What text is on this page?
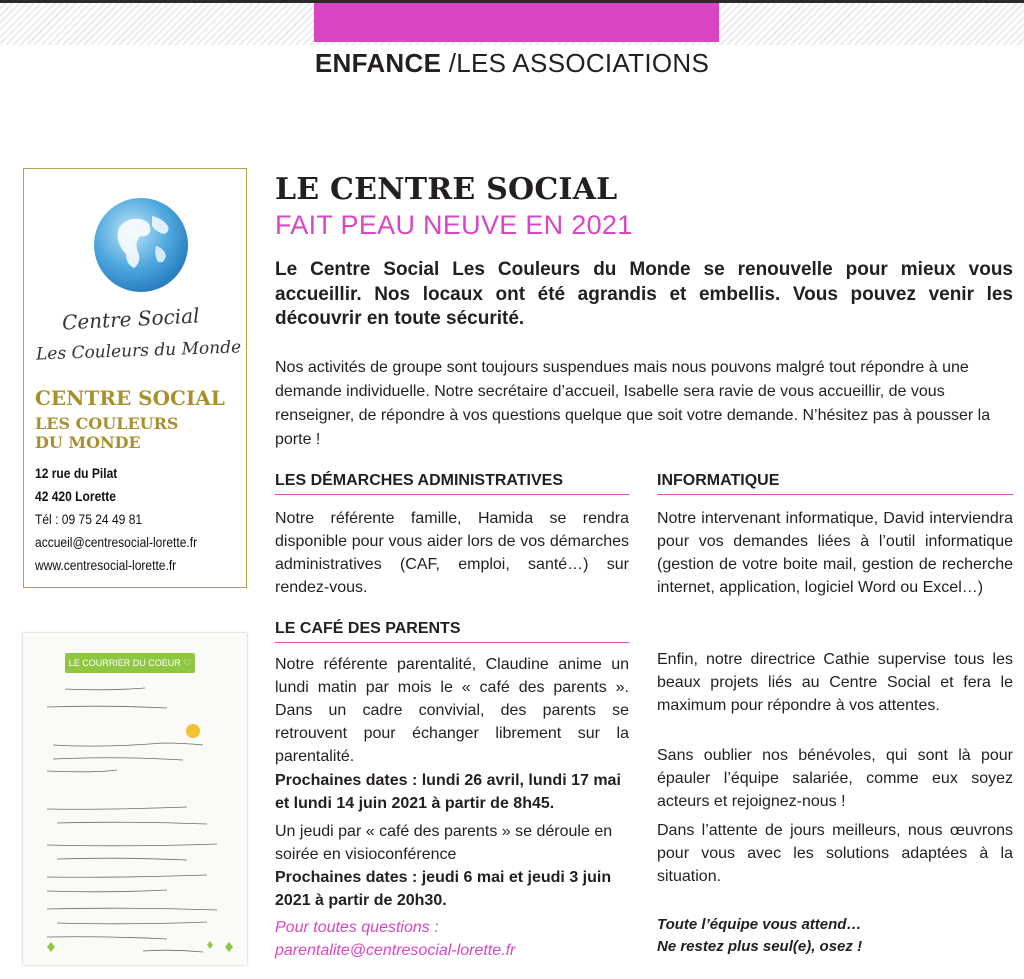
ENFANCE /LES ASSOCIATIONS
Centre Social
Les Couleurs du Monde
CENTRE SOCIAL
LES COULEURS
DU MONDE
12 rue du Pilat
42 420 Lorette
Tél : 09 75 24 49 81
accueil@centresocial-lorette.fr
www.centresocial-lorette.fr
LE COURRIER DU COEUR ♡
LE CENTRE SOCIAL
FAIT PEAU NEUVE EN 2021
Le Centre Social Les Couleurs du Monde se renouvelle pour mieux vous accueillir. Nos locaux ont été agrandis et embellis. Vous pouvez venir les découvrir en toute sécurité.
Nos activités de groupe sont toujours suspendues mais nous pouvons malgré tout répondre à une demande individuelle. Notre secrétaire d’accueil, Isabelle sera ravie de vous accueillir, de vous renseigner, de répondre à vos questions quelque que soit votre demande. N’hésitez pas à pousser la porte !
LES DÉMARCHES ADMINISTRATIVES
Notre référente famille, Hamida se rendra disponible pour vous aider lors de vos démarches administratives (CAF, emploi, santé…) sur rendez-vous.
LE CAFÉ DES PARENTS
Notre référente parentalité, Claudine anime un lundi matin par mois le « café des parents ». Dans un cadre convivial, des parents se retrouvent pour échanger librement sur la parentalité.
Prochaines dates : lundi 26 avril, lundi 17 mai et lundi 14 juin 2021 à partir de 8h45.
Un jeudi par « café des parents » se déroule en soirée en visioconférence
Prochaines dates : jeudi 6 mai et jeudi 3 juin 2021 à partir de 20h30.
Pour toutes questions :
parentalite@centresocial-lorette.fr
INFORMATIQUE
Notre intervenant informatique, David interviendra pour vos demandes liées à l’outil informatique (gestion de votre boite mail, gestion de recherche internet, application, logiciel Word ou Excel…)
Enfin, notre directrice Cathie supervise tous les beaux projets liés au Centre Social et fera le maximum pour répondre à vos attentes.
Sans oublier nos bénévoles, qui sont là pour épauler l’équipe salariée, comme eux soyez acteurs et rejoignez-nous !
Dans l’attente de jours meilleurs, nous œuvrons pour vous avec les solutions adaptées à la situation.
Toute l’équipe vous attend…
Ne restez plus seul(e), osez !
